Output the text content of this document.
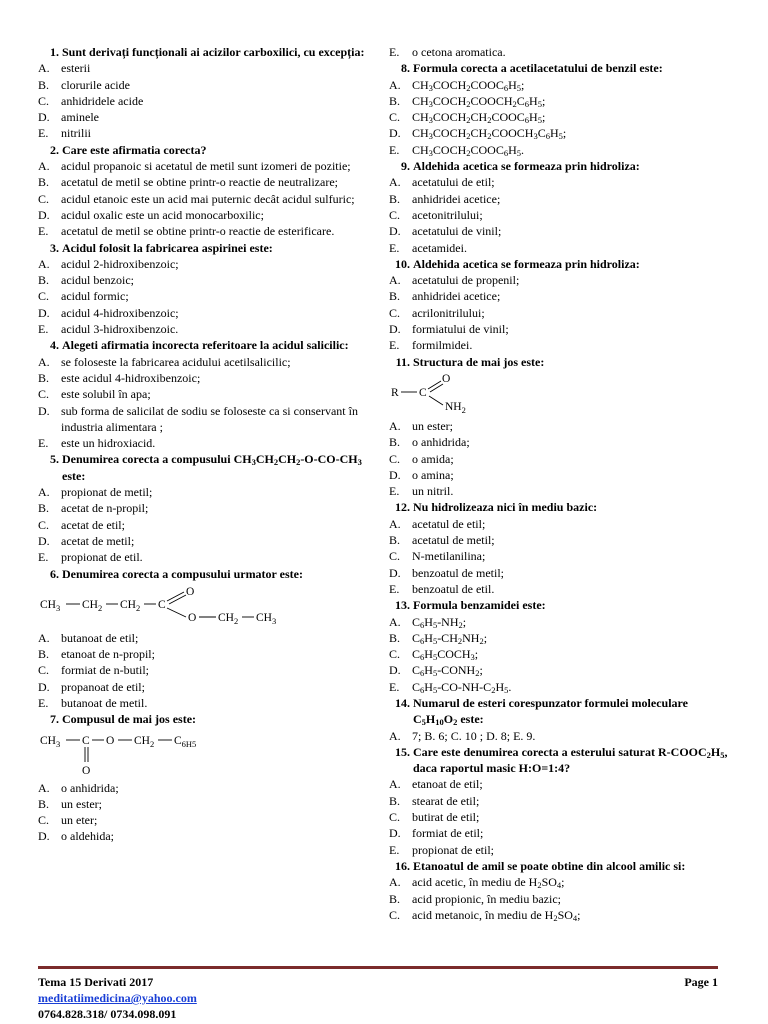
1. Sunt derivați funcționali ai acizilor carboxilici, cu excepția:
A. esterii
B. clorurile acide
C. anhidridele acide
D. aminele
E.	nitrilii
2. Care este afirmatia corecta?
A. acidul propanoic si acetatul de metil sunt izomeri de pozitie;
B. acetatul de metil se obtine printr-o reactie de neutralizare;
C. acidul etanoic este un acid mai puternic decât acidul sulfuric;
D. acidul oxalic este un acid monocarboxilic;
E.	acetatul de metil se obtine printr-o reactie de esterificare.
3. Acidul folosit la fabricarea aspirinei este:
A. acidul 2-hidroxibenzoic;
B. acidul benzoic;
C. acidul formic;
D. acidul 4-hidroxibenzoic;
E.	acidul 3-hidroxibenzoic.
4. Alegeti afirmatia incorecta referitoare la acidul salicilic:
A. se foloseste la fabricarea acidului acetilsalicilic;
B. este acidul 4-hidroxibenzoic;
C. este solubil în apa;
D. sub forma de salicilat de sodiu se foloseste ca si conservant în industria alimentara ;
E.	este un hidroxiacid.
5. Denumirea corecta a compusului $CH_3CH_2CH_2-O-CO-CH_3$ este:
A. propionat de metil;
B. acetat de n-propil;
C. acetat de etil;
D. acetat de metil;
E.	propionat de etil.
6. Denumirea corecta a compusului urmator este:
$CH_3$ $CH_2$ $CH_2$ C
O
O $CH_2$ $CH_3$
A. butanoat de etil;
B. etanoat de n-propil;
C. formiat de n-butil;
D. propanoat de etil;
E.	butanoat de metil.
7. Compusul de mai jos este:
$CH_3$ C O $CH_2$ $C_{6H5}$
O
A. o anhidrida;
B. un ester;
C. un eter;
D. o aldehida;
E.	o cetona aromatica.
8. Formula corecta a acetilacetatului de benzil este:
A. $CH_3COCH_2COOC_6H_5$;
B. $CH_3COCH_2COOCH_2C_6H_5$;
C. $CH_3COCH_2CH_2COOC_6H_5$;
D. $CH_3COCH_2CH_2COOCH_3C_6H_5$;
E.	$CH_3COCH_2COOC_6H_5$.
9. Aldehida acetica se formeaza prin hidroliza:
A. acetatului de etil;
B. anhidridei acetice;
C. acetonitrilului;
D. acetatului de vinil;
E.	acetamidei.
10. Aldehida acetica se formeaza prin hidroliza:
A. acetatului de propenil;
B. anhidridei acetice;
C. acrilonitrilului;
D. formiatului de vinil;
E.	formilmidei.
11. Structura de mai jos este:
R C
O
$NH_2$
A. un ester;
B. o anhidrida;
C. o amida;
D. o amina;
E.	un nitril.
12. Nu hidrolizeaza nici în mediu bazic:
A. acetatul de etil;
B. acetatul de metil;
C. N-metilanilina;
D. benzoatul de metil;
E.	benzoatul de etil.
13. Formula benzamidei este:
A. $C_6H_5-NH_2$;
B. $C_6H_5-CH_2NH_2$;
C. $C_6H_5COCH_3$;
D. $C_6H_5-CONH_2$;
E.	$C_6H_5-CO-NH-C_2H_5$.
14. Numarul de esteri corespunzator formulei moleculare $C_5H_{10}O_2$ este:
A. 7; B. 6; C. 10 ; D. 8; E. 9.
15. Care este denumirea corecta a esterului saturat $R-COOC_2H_5$, daca raportul masic H:O=1:4?
A. etanoat de etil;
B. stearat de etil;
C. butirat de etil;
D. formiat de etil;
E.	propionat de etil;
16. Etanoatul de amil se poate obtine din alcool amilic si:
A. acid acetic, în mediu de $H_2SO_4$;
B. acid propionic, în mediu bazic;
C. acid metanoic, în mediu de $H_2SO_4$;
Tema 15 Derivati 2017	Page 1
meditatiimedicina@yahoo.com
0764.828.318/ 0734.098.091
